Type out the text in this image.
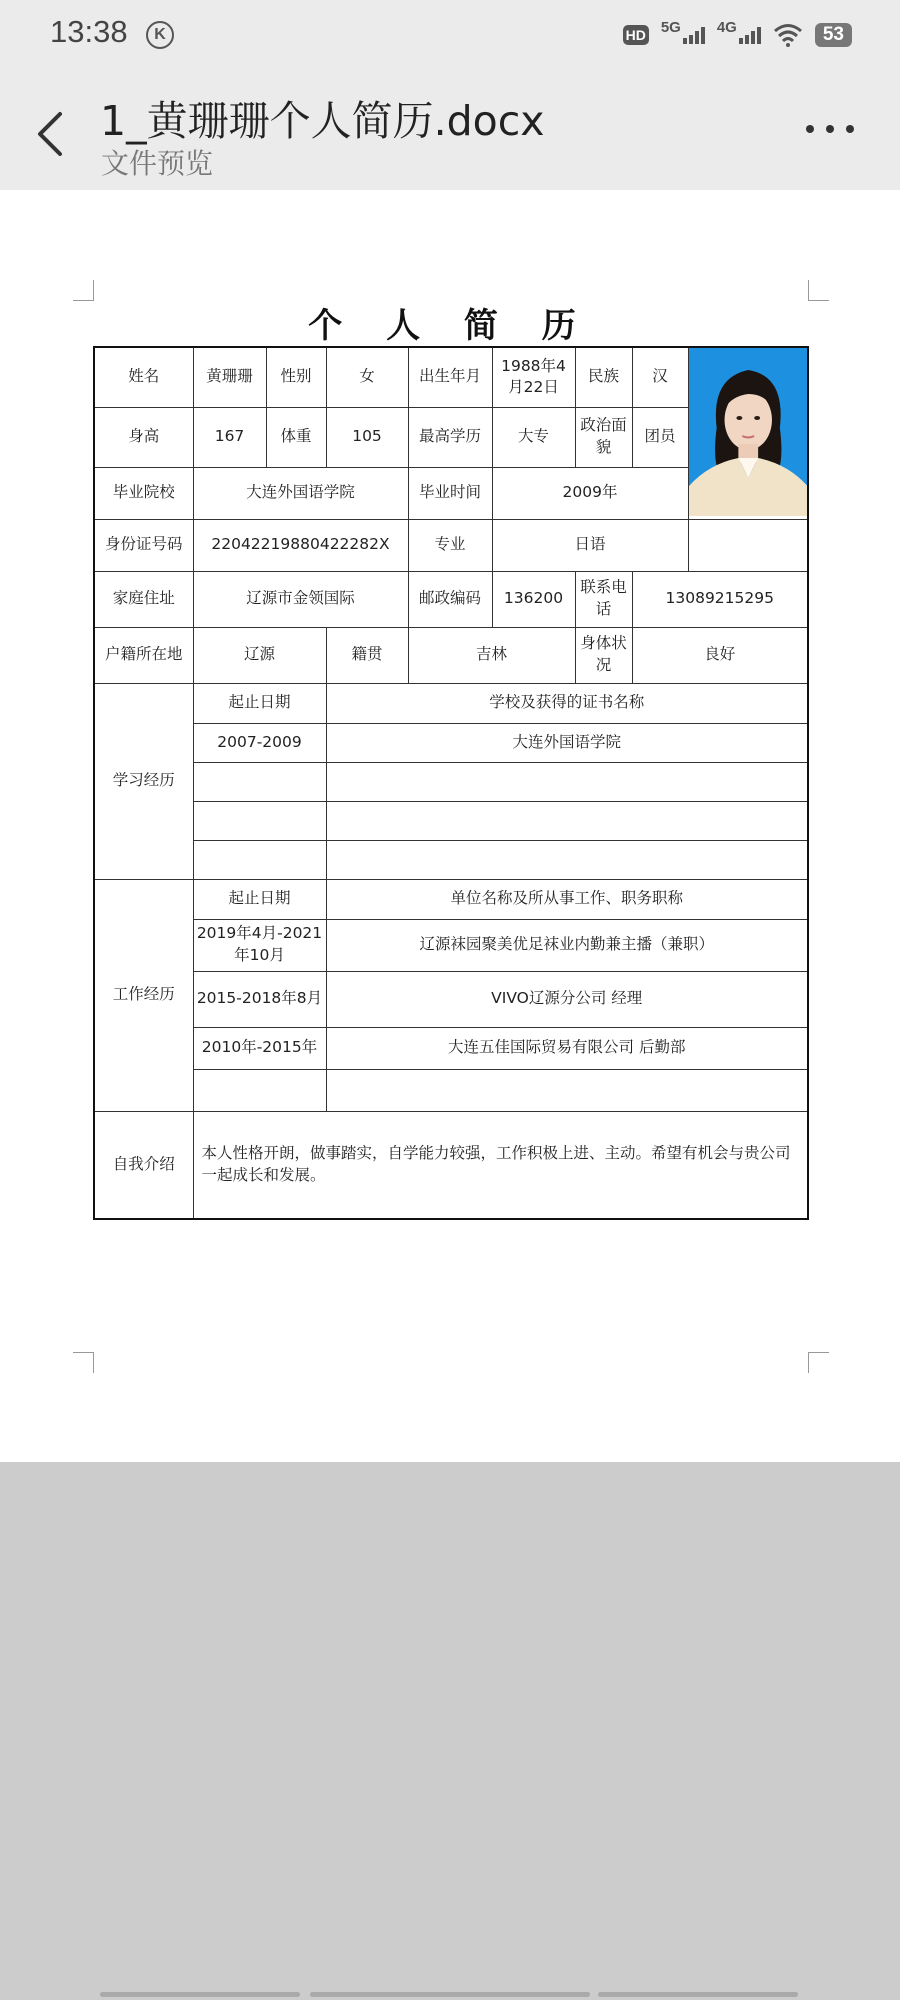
13:38	K	HD 5G 4G	53
1_黄珊珊个人简历.docx
文件预览
个 人 简 历
姓名	黄珊珊	性别	女	出生年月	1988年4月22日	民族	汉	

身高	167	体重	105	最高学历	大专	政治面貌	团员	
毕业院校	大连外国语学院			毕业时间	2009年			
身份证号码	22042219880422282X			专业	日语			
家庭住址	辽源市金领国际			邮政编码	136200	联系电话	13089215295	
户籍所在地	辽源		籍贯	吉林		身体状况	良好	
学习经历	起止日期		学校及获得的证书名称					
	2007-2009		大连外国语学院					

工作经历	起止日期		单位名称及所从事工作、职务职称					
	2019年4月-2021年10月		辽源袜园聚美优足袜业内勤兼主播（兼职）					
	2015-2018年8月		VIVO辽源分公司 经理					
	2010年-2015年		大连五佳国际贸易有限公司 后勤部					

自我介绍	本人性格开朗，做事踏实，自学能力较强，工作积极上进、主动。希望有机会与贵公司一起成长和发展。							
